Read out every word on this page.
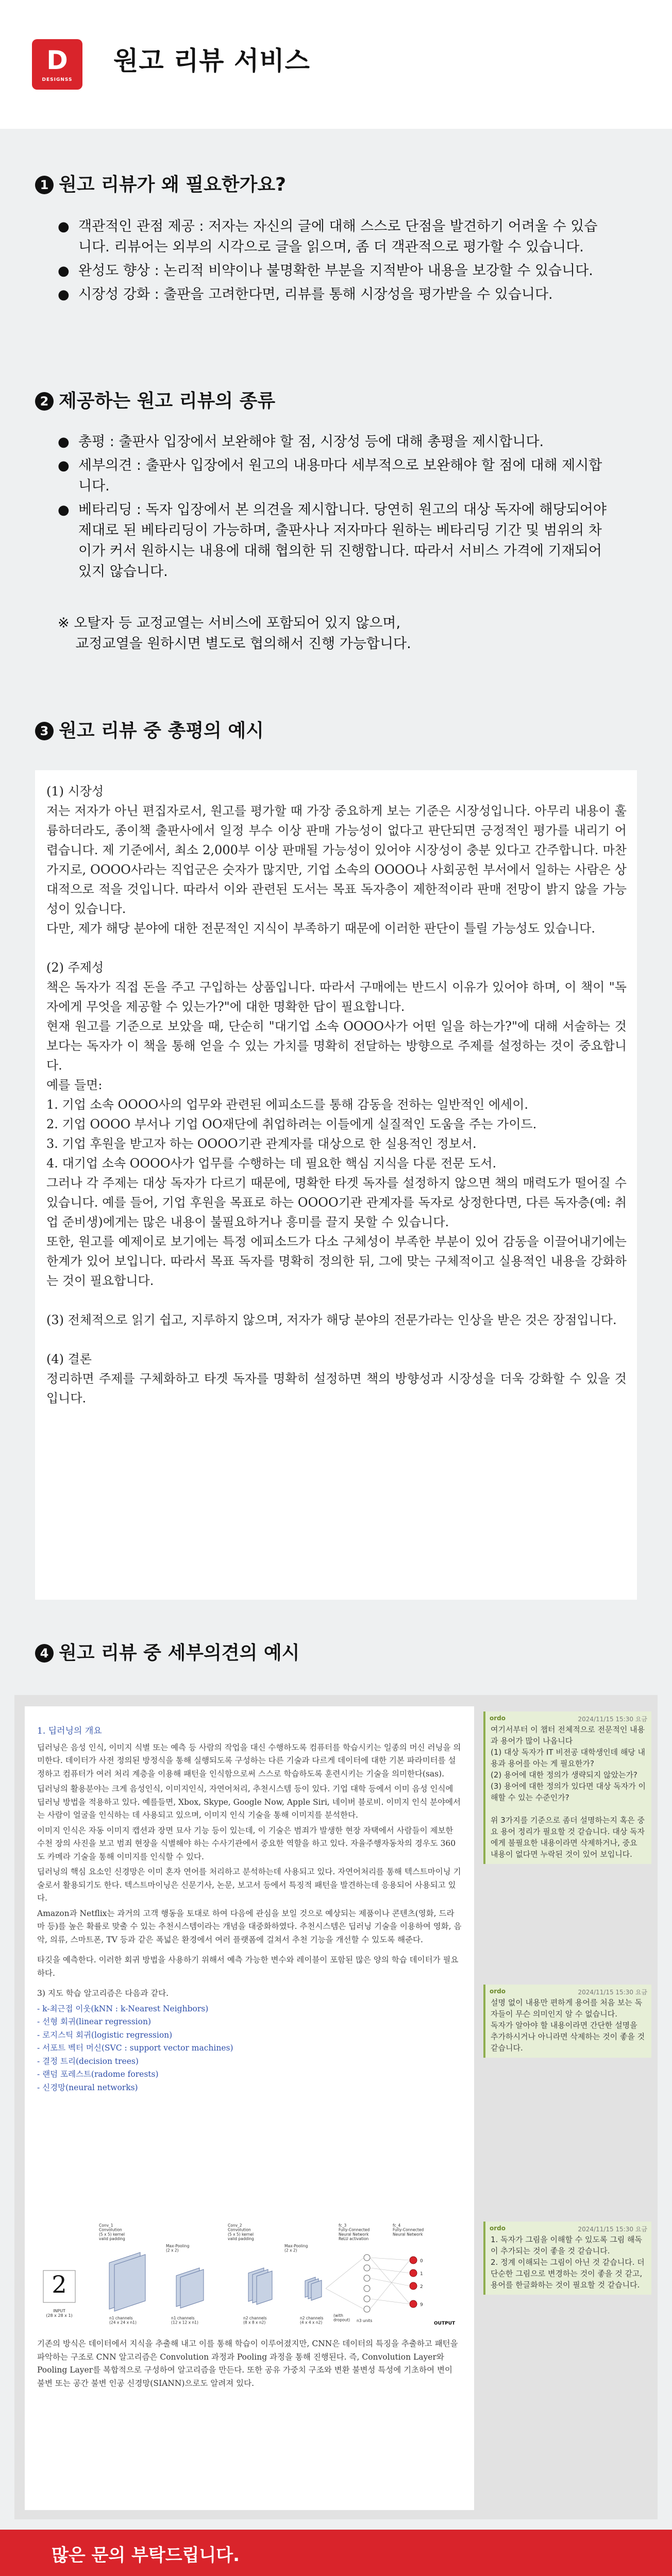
D
DESIGNSS
원고 리뷰 서비스
1 원고 리뷰가 왜 필요한가요?
● 객관적인 관점 제공 : 저자는 자신의 글에 대해 스스로 단점을 발견하기 어려울 수 있습니다. 리뷰어는 외부의 시각으로 글을 읽으며, 좀 더 객관적으로 평가할 수 있습니다.
● 완성도 향상 : 논리적 비약이나 불명확한 부분을 지적받아 내용을 보강할 수 있습니다.
● 시장성 강화 : 출판을 고려한다면, 리뷰를 통해 시장성을 평가받을 수 있습니다.
2 제공하는 원고 리뷰의 종류
● 총평 : 출판사 입장에서 보완해야 할 점, 시장성 등에 대해 총평을 제시합니다.
● 세부의견 : 출판사 입장에서 원고의 내용마다 세부적으로 보완해야 할 점에 대해 제시합니다.
● 베타리딩 : 독자 입장에서 본 의견을 제시합니다. 당연히 원고의 대상 독자에 해당되어야 제대로 된 베타리딩이 가능하며, 출판사나 저자마다 원하는 베타리딩 기간 및 범위의 차이가 커서 원하시는 내용에 대해 협의한 뒤 진행합니다. 따라서 서비스 가격에 기재되어 있지 않습니다.
※ 오탈자 등 교정교열는 서비스에 포함되어 있지 않으며,
교정교열을 원하시면 별도로 협의해서 진행 가능합니다.
3 원고 리뷰 중 총평의 예시
(1) 시장성
저는 저자가 아닌 편집자로서, 원고를 평가할 때 가장 중요하게 보는 기준은 시장성입니다. 아무리 내용이 훌륭하더라도, 종이책 출판사에서 일정 부수 이상 판매 가능성이 없다고 판단되면 긍정적인 평가를 내리기 어렵습니다. 제 기준에서, 최소 2,000부 이상 판매될 가능성이 있어야 시장성이 충분 있다고 간주합니다. 마찬가지로, OOOO사라는 직업군은 숫자가 많지만, 기업 소속의 OOOO나 사회공헌 부서에서 일하는 사람은 상대적으로 적을 것입니다. 따라서 이와 관련된 도서는 목표 독자층이 제한적이라 판매 전망이 밝지 않을 가능성이 있습니다.
다만, 제가 해당 분야에 대한 전문적인 지식이 부족하기 때문에 이러한 판단이 틀릴 가능성도 있습니다.

(2) 주제성
책은 독자가 직접 돈을 주고 구입하는 상품입니다. 따라서 구매에는 반드시 이유가 있어야 하며, 이 책이 "독자에게 무엇을 제공할 수 있는가?"에 대한 명확한 답이 필요합니다.
현재 원고를 기준으로 보았을 때, 단순히 "대기업 소속 OOOO사가 어떤 일을 하는가?"에 대해 서술하는 것보다는 독자가 이 책을 통해 얻을 수 있는 가치를 명확히 전달하는 방향으로 주제를 설정하는 것이 중요합니다.
예를 들면:
1. 기업 소속 OOOO사의 업무와 관련된 에피소드를 통해 감동을 전하는 일반적인 에세이.
2. 기업 OOOO 부서나 기업 OO재단에 취업하려는 이들에게 실질적인 도움을 주는 가이드.
3. 기업 후원을 받고자 하는 OOOO기관 관계자를 대상으로 한 실용적인 정보서.
4. 대기업 소속 OOOO사가 업무를 수행하는 데 필요한 핵심 지식을 다룬 전문 도서.
그러나 각 주제는 대상 독자가 다르기 때문에, 명확한 타겟 독자를 설정하지 않으면 책의 매력도가 떨어질 수 있습니다. 예를 들어, 기업 후원을 목표로 하는 OOOO기관 관계자를 독자로 상정한다면, 다른 독자층(예: 취업 준비생)에게는 많은 내용이 불필요하거나 흥미를 끌지 못할 수 있습니다.
또한, 원고를 예제이로 보기에는 특정 에피소드가 다소 구체성이 부족한 부분이 있어 감동을 이끌어내기에는 한계가 있어 보입니다. 따라서 목표 독자를 명확히 정의한 뒤, 그에 맞는 구체적이고 실용적인 내용을 강화하는 것이 필요합니다.

(3) 전체적으로 읽기 쉽고, 지루하지 않으며, 저자가 해당 분야의 전문가라는 인상을 받은 것은 장점입니다.

(4) 결론
정리하면 주제를 구체화하고 타겟 독자를 명확히 설정하면 책의 방향성과 시장성을 더욱 강화할 수 있을 것입니다.
4 원고 리뷰 중 세부의견의 예시
1. 딥러닝의 개요

딥러닝은 음성 인식, 이미지 식별 또는 예측 등 사람의 작업을 대신 수행하도록 컴퓨터를 학습시키는 일종의 머신 러닝을 의미한다. 데이터가 사전 정의된 방정식을 통해 실행되도록 구성하는 다른 기술과 다르게 데이터에 대한 기본 파라미터를 설정하고 컴퓨터가 여러 처리 계층을 이용해 패턴을 인식함으로써 스스로 학습하도록 훈련시키는 기술을 의미한다(sas).

딥러닝의 활용분야는 크게 음성인식, 이미지인식, 자연어처리, 추천시스템 등이 있다. 기업 대학 등에서 이미 음성 인식에 딥러닝 방법을 적용하고 있다. 예를들면, Xbox, Skype, Google Now, Apple Siri, 네이버 블로비. 이미지 인식 분야에서는 사람이 얼굴을 인식하는 데 사용되고 있으며, 이미지 인식 기술을 통해 이미지를 분석한다.

이미지 인식은 자동 이미지 캡션과 장면 묘사 기능 등이 있는데, 이 기술은 범죄가 발생한 현장 자택에서 사람들이 제보한 수천 장의 사진을 보고 범죄 현장을 식별해야 하는 수사기관에서 중요한 역할을 하고 있다. 자율주행자동차의 경우도 360도 카메라 기술을 통해 이미지를 인식할 수 있다.

딥러닝의 핵심 요소인 신경망은 이미 혼자 연어를 처리하고 분석하는데 사용되고 있다. 자연어처리를 통해 텍스트마이닝 기술로서 활용되기도 한다. 텍스트마이닝은 신문기사, 논문, 보고서 등에서 특징적 패턴을 발견하는데 응용되어 사용되고 있다.

Amazon과 Netflix는 과거의 고객 행동을 토대로 하여 다음에 관심을 보일 것으로 예상되는 제품이나 콘텐츠(영화, 드라마 등)를 높은 확률로 맞출 수 있는 추천시스템이라는 개념을 대중화하였다. 추천시스템은 딥러닝 기술을 이용하여 영화, 음악, 의류, 스마트폰, TV 등과 같은 폭넓은 환경에서 여러 플랫폼에 걸쳐서 추천 기능을 개선할 수 있도록 해준다.

타깃을 예측한다. 이러한 회귀 방법을 사용하기 위해서 예측 가능한 변수와 레이블이 포함된 많은 양의 학습 데이터가 필요하다.

3) 지도 학습 알고리즘은 다음과 같다.
- k-최근접 이웃(kNN : k-Nearest Neighbors)
- 선형 회귀(linear regression)
- 로지스틱 회귀(logistic regression)
- 서포트 벡터 머신(SVC : support vector machines)
- 결정 트리(decision trees)
- 랜덤 포레스트(radome forests)
- 신경망(neural networks)
2
INPUT (28 x 28 x 1)
0
1
2
9
OUTPUT
Conv_1 Convolution (5 x 5) kernel valid padding
Max-Pooling (2 x 2)
Conv_2 Convolution (5 x 5) kernel valid padding
Max-Pooling (2 x 2)
fc_3 Fully-Connected Neural Network ReLU activation
fc_4 Fully-Connected Neural Network
n1 channels (24 x 24 x n1)
n1 channels (12 x 12 x n1)
n2 channels (8 x 8 x n2)
n2 channels (4 x 4 x n2)
(with dropout) n3 units
기존의 방식은 데이터에서 지식을 추출해 내고 이를 통해 학습이 이루어졌지만, CNN은 데이터의 특징을 추출하고 패턴을 파악하는 구조로 CNN 알고리즘은 Convolution 과정과 Pooling 과정을 통해 진행된다. 즉, Convolution Layer와 Pooling Layer를 복합적으로 구성하여 알고리즘을 만든다. 또한 공유 가중치 구조와 변환 불변성 특성에 기초하여 변이 불변 또는 공간 불변 인공 신경망(SIANN)으로도 알려져 있다.
ordo	2024/11/15 15:30 요금
여기서부터 이 챕터 전체적으로 전문적인 내용과 용어가 많이 나옵니다
(1) 대상 독자가 IT 비전공 대학생인데 해당 내용과 용어를 아는 게 필요한가?
(2) 용어에 대한 정의가 생략되지 않았는가?
(3) 용어에 대한 정의가 있다면 대상 독자가 이해할 수 있는 수준인가?

위 3가지를 기준으로 좀더 설명하는지 혹은 중요 용어 정리가 필요할 것 같습니다. 대상 독자에게 불필요한 내용이라면 삭제하거나, 중요 내용이 없다면 누락된 것이 있어 보입니다.
ordo	2024/11/15 15:30 요금
설명 없이 내용만 편하게 용어를 처음 보는 독자들이 무슨 의미인지 알 수 없습니다.
독자가 알아야 할 내용이라면 간단한 설명을 추가하시거나 아니라면 삭제하는 것이 좋을 것 같습니다.
ordo	2024/11/15 15:30 요금
1. 독자가 그림을 이해할 수 있도록 그림 해독이 추가되는 것이 좋을 것 같습니다.
2. 정계 이해되는 그림이 아닌 것 같습니다. 더 단순한 그림으로 변경하는 것이 좋을 것 같고, 용어를 한글화하는 것이 필요할 것 같습니다.
많은 문의 부탁드립니다.
